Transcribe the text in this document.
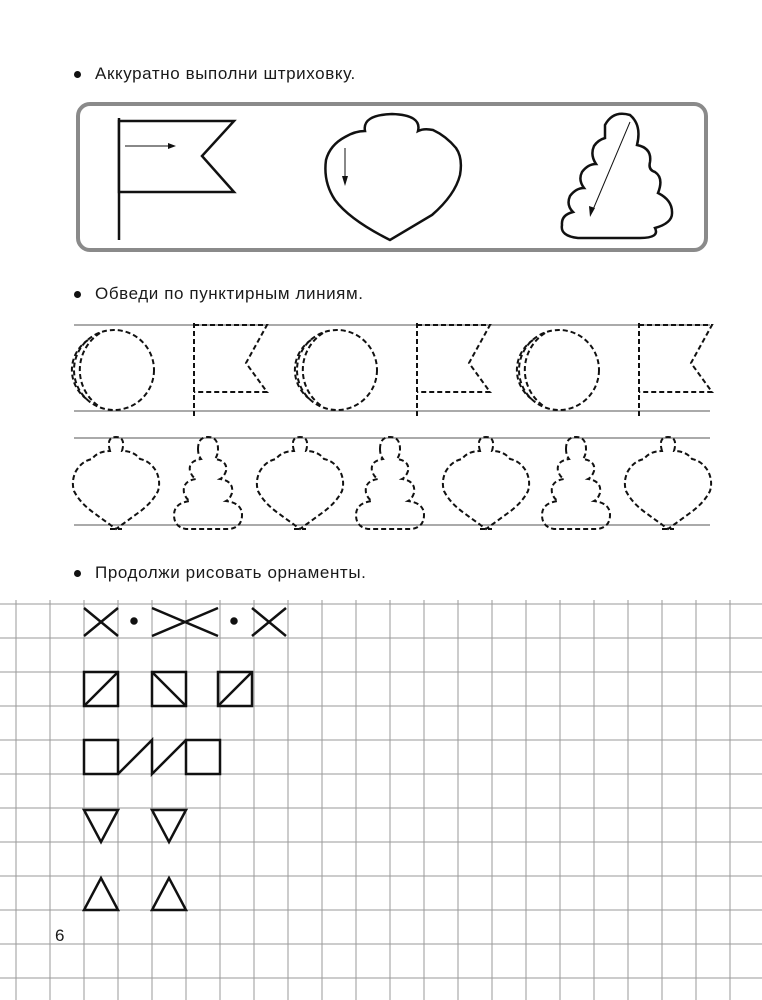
Аккуратно выполни штриховку.
Обведи по пунктирным линиям.
Продолжи рисовать орнаменты.
6
